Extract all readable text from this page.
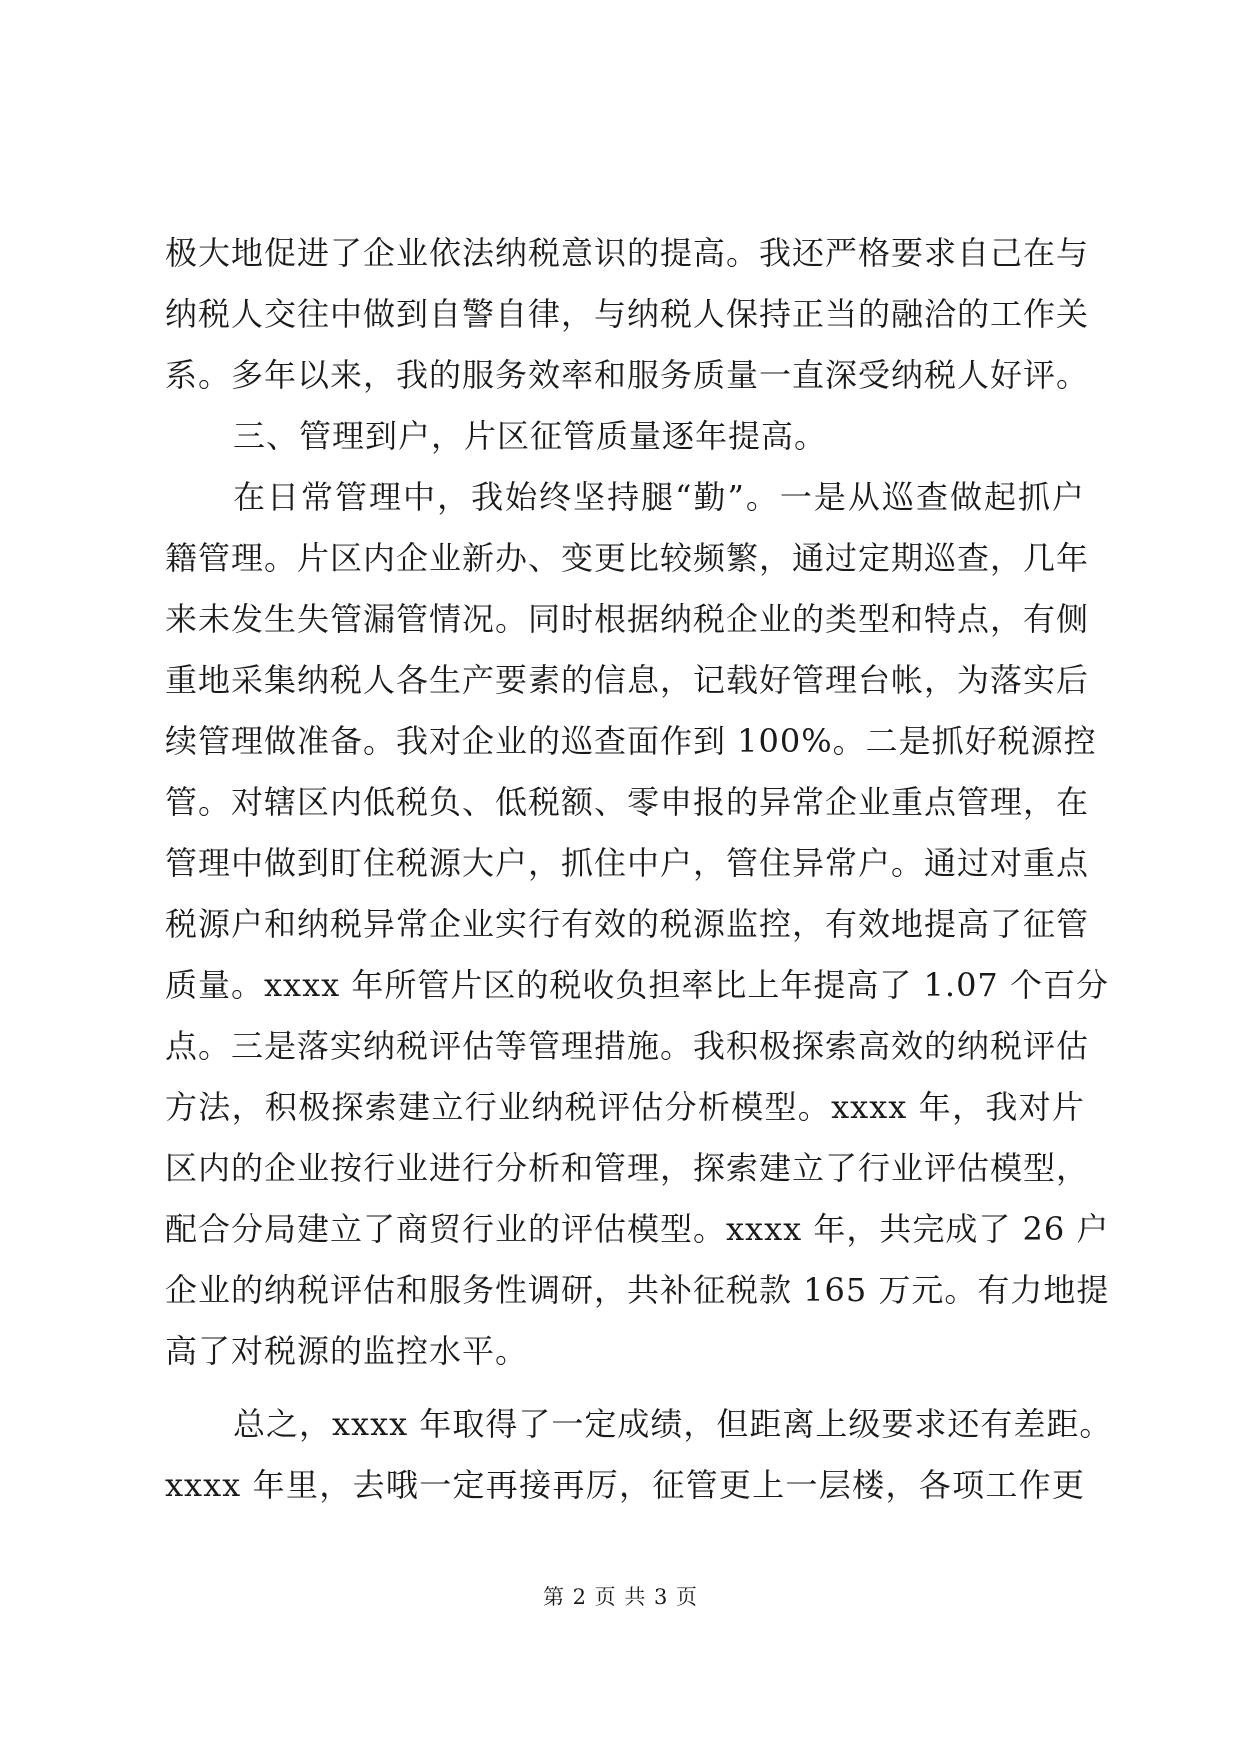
极大地促进了企业依法纳税意识的提高。我还严格要求自己在与
纳税人交往中做到自警自律，与纳税人保持正当的融洽的工作关
系。多年以来，我的服务效率和服务质量一直深受纳税人好评。
三、管理到户，片区征管质量逐年提高。
在日常管理中，我始终坚持腿“勤”。一是从巡查做起抓户
籍管理。片区内企业新办、变更比较频繁，通过定期巡查，几年
来未发生失管漏管情况。同时根据纳税企业的类型和特点，有侧
重地采集纳税人各生产要素的信息，记载好管理台帐，为落实后
续管理做准备。我对企业的巡查面作到 100%。二是抓好税源控
管。对辖区内低税负、低税额、零申报的异常企业重点管理，在
管理中做到盯住税源大户，抓住中户，管住异常户。通过对重点
税源户和纳税异常企业实行有效的税源监控，有效地提高了征管
质量。xxxx 年所管片区的税收负担率比上年提高了 1.07 个百分
点。三是落实纳税评估等管理措施。我积极探索高效的纳税评估
方法，积极探索建立行业纳税评估分析模型。xxxx 年，我对片
区内的企业按行业进行分析和管理，探索建立了行业评估模型，
配合分局建立了商贸行业的评估模型。xxxx 年，共完成了 26 户
企业的纳税评估和服务性调研，共补征税款 165 万元。有力地提
高了对税源的监控水平。
总之，xxxx 年取得了一定成绩，但距离上级要求还有差距。
xxxx 年里，去哦一定再接再厉，征管更上一层楼，各项工作更
第 2 页 共 3 页
